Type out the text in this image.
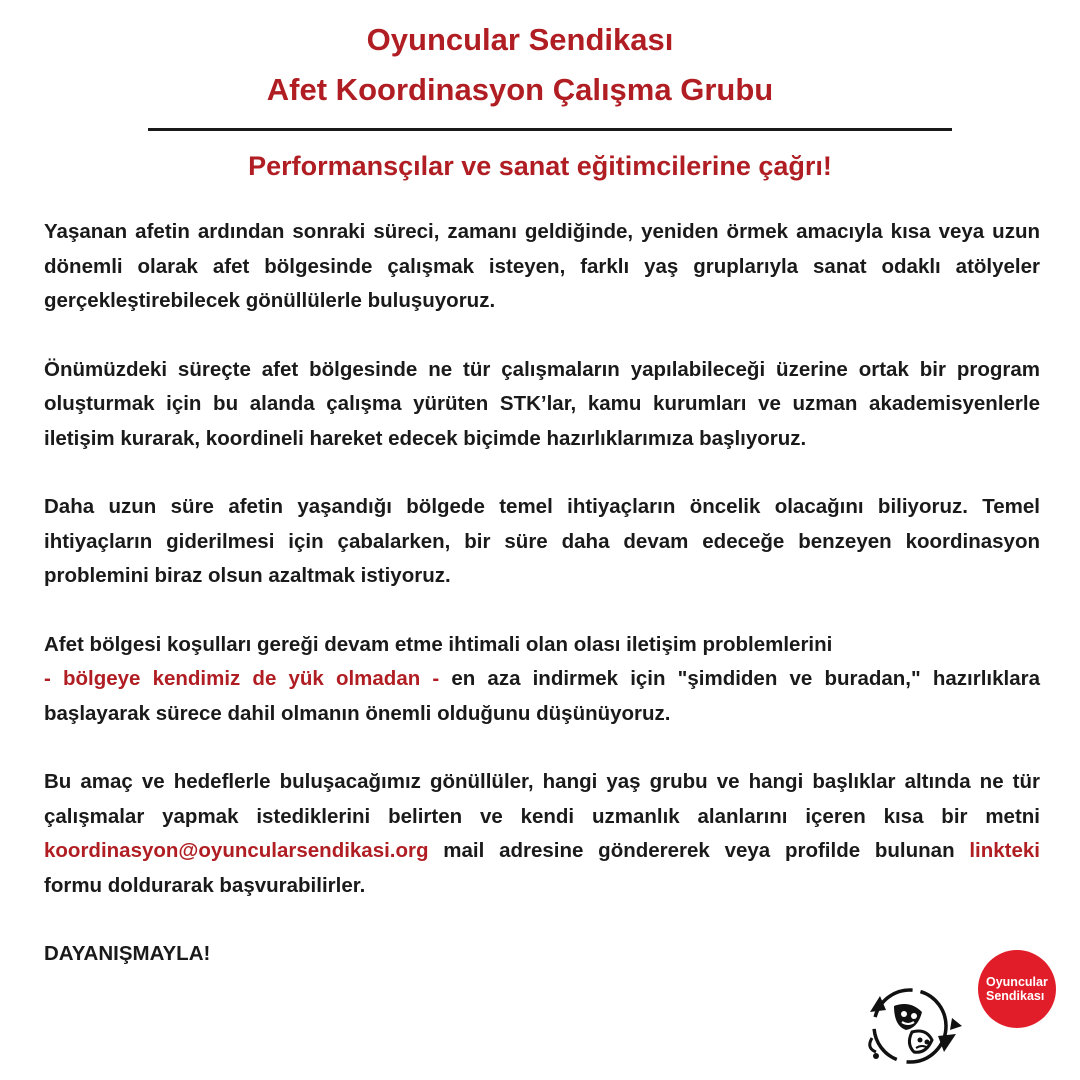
Oyuncular Sendikası
Afet Koordinasyon Çalışma Grubu
Performansçılar ve sanat eğitimcilerine çağrı!

Yaşanan afetin ardından sonraki süreci, zamanı geldiğinde, yeniden örmek amacıyla kısa veya uzun dönemli olarak afet bölgesinde çalışmak isteyen, farklı yaş gruplarıyla sanat odaklı atölyeler gerçekleştirebilecek gönüllülerle buluşuyoruz.

Önümüzdeki süreçte afet bölgesinde ne tür çalışmaların yapılabileceği üzerine ortak bir program oluşturmak için bu alanda çalışma yürüten STK’lar, kamu kurumları ve uzman akademisyenlerle iletişim kurarak, koordineli hareket edecek biçimde hazırlıklarımıza başlıyoruz.

Daha uzun süre afetin yaşandığı bölgede temel ihtiyaçların öncelik olacağını biliyoruz. Temel ihtiyaçların giderilmesi için çabalarken, bir süre daha devam edeceğe benzeyen koordinasyon problemini biraz olsun azaltmak istiyoruz.

Afet bölgesi koşulları gereği devam etme ihtimali olan olası iletişim problemlerini
- bölgeye kendimiz de yük olmadan - en aza indirmek için "şimdiden ve buradan," hazırlıklara başlayarak sürece dahil olmanın önemli olduğunu düşünüyoruz.

Bu amaç ve hedeflerle buluşacağımız gönüllüler, hangi yaş grubu ve hangi başlıklar altında ne tür çalışmalar yapmak istediklerini belirten ve kendi uzmanlık alanlarını içeren kısa bir metni koordinasyon@oyuncularsendikasi.org mail adresine göndererek veya profilde bulunan linkteki formu doldurarak başvurabilirler.

DAYANIŞMAYLA!

Oyuncular
Sendikası
